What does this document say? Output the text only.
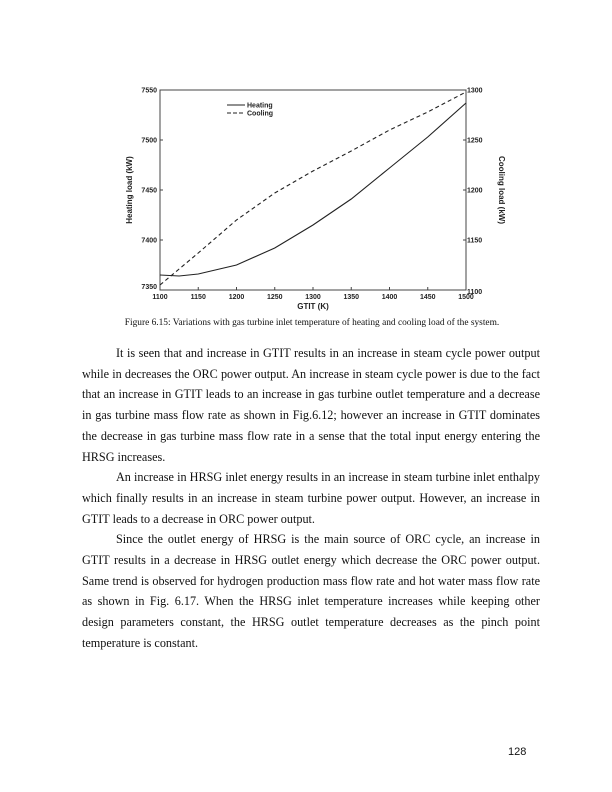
1100	1150	1200	1250	1300	1350	1400	1450	1500
7350
7400
7450
7500
7550
1100
1150
1200
1250
1300
GTIT (K)
Heating load (kW)	Cooling load (kW)
Heating
Cooling
Figure 6.15: Variations with gas turbine inlet temperature of heating and cooling load of the system.

It is seen that and increase in GTIT results in an increase in steam cycle power output while in decreases the ORC power output. An increase in steam cycle power is due to the fact that an increase in GTIT leads to an increase in gas turbine outlet temperature and a decrease in gas turbine mass flow rate as shown in Fig.6.12; however an increase in GTIT dominates the decrease in gas turbine mass flow rate in a sense that the total input energy entering the HRSG increases.

An increase in HRSG inlet energy results in an increase in steam turbine inlet enthalpy which finally results in an increase in steam turbine power output. However, an increase in GTIT leads to a decrease in ORC power output.

Since the outlet energy of HRSG is the main source of ORC cycle, an increase in GTIT results in a decrease in HRSG outlet energy which decrease the ORC power output. Same trend is observed for hydrogen production mass flow rate and hot water mass flow rate as shown in Fig. 6.17. When the HRSG inlet temperature increases while keeping other design parameters constant, the HRSG outlet temperature decreases as the pinch point temperature is constant.

128
